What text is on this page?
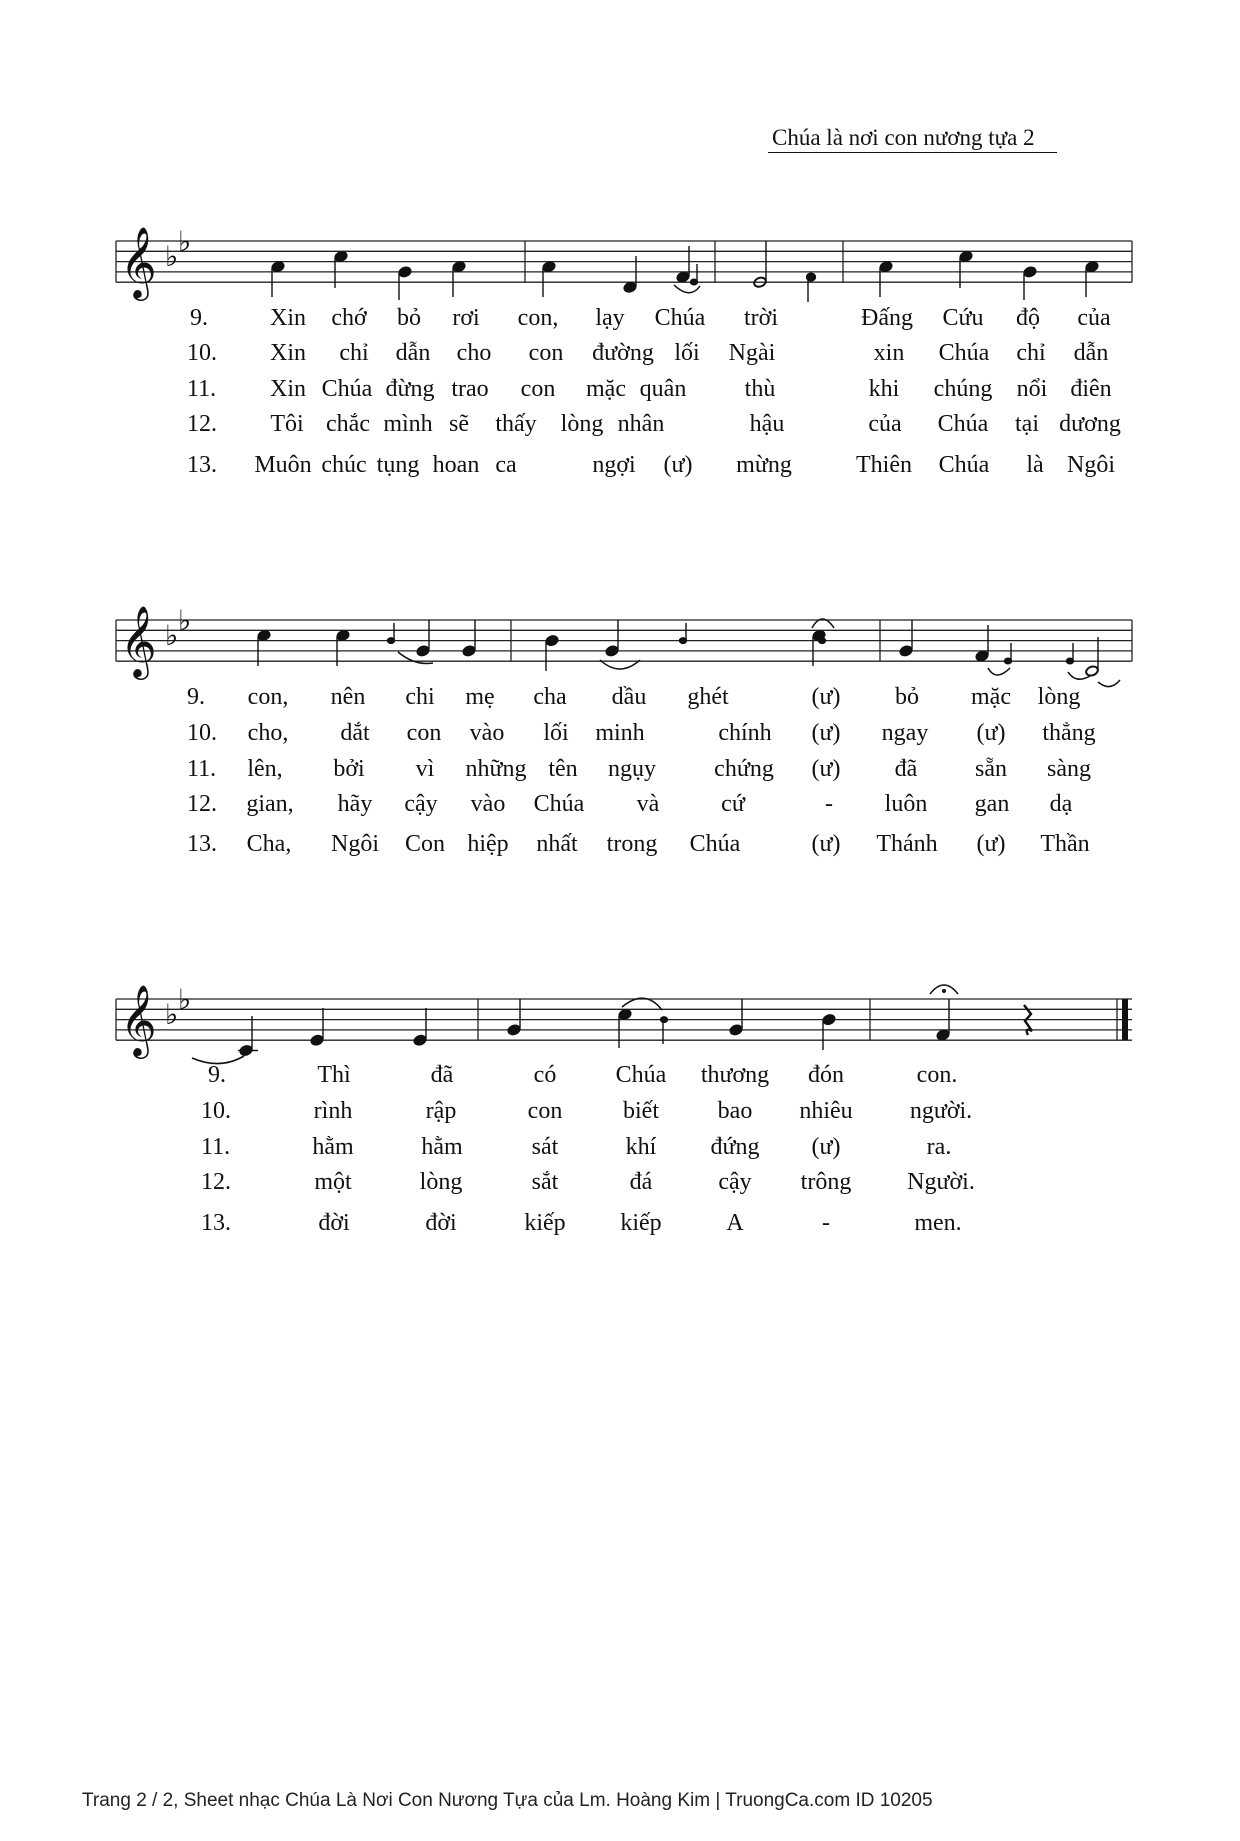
Chúa là nơi con nương tựa 2
𝄞 ♭ ♭
9.	Xin chớ bỏ rơi con, lạy Chúa trời	Đấng Cứu độ của
10. Xin chỉ dẫn cho con đường lối Ngài	xin Chúa chỉ dẫn
11. Xin Chúa đừng trao con mặc quân thù	khi chúng nổi điên
12. Tôi chắc mình sẽ thấy lòng nhân	hậu	của Chúa tại dương
13. Muôn chúc tụng hoan ca	ngợi (ư) mừng	Thiên Chúa là Ngôi
𝄞 ♭ ♭
9. con, nên chi mẹ cha dầu ghét	(ư) bỏ mặc lòng
10. cho, dắt con vào lối minh	chính (ư) ngay (ư) thẳng
11. lên, bởi vì những tên ngụy chứng (ư) đã sẵn sàng
12. gian, hãy cậy vào Chúa và	cứ	- luôn gan dạ
13. Cha, Ngôi Con hiệp nhất trong Chúa	(ư) Thánh (ư) Thần
𝄞 ♭ ♭
9.	Thì	đã	có Chúa thương đón	con.
10.	rình	rập	con	biết bao nhiêu người.
11.	hằm	hằm	sát	khí đứng (ư)	ra.
12.	một	lòng	sắt	đá	cậy trông Người.
13.	đời	đời	kiếp kiếp	A	-	men.
Trang 2 / 2, Sheet nhạc Chúa Là Nơi Con Nương Tựa của Lm. Hoàng Kim | TruongCa.com ID 10205
